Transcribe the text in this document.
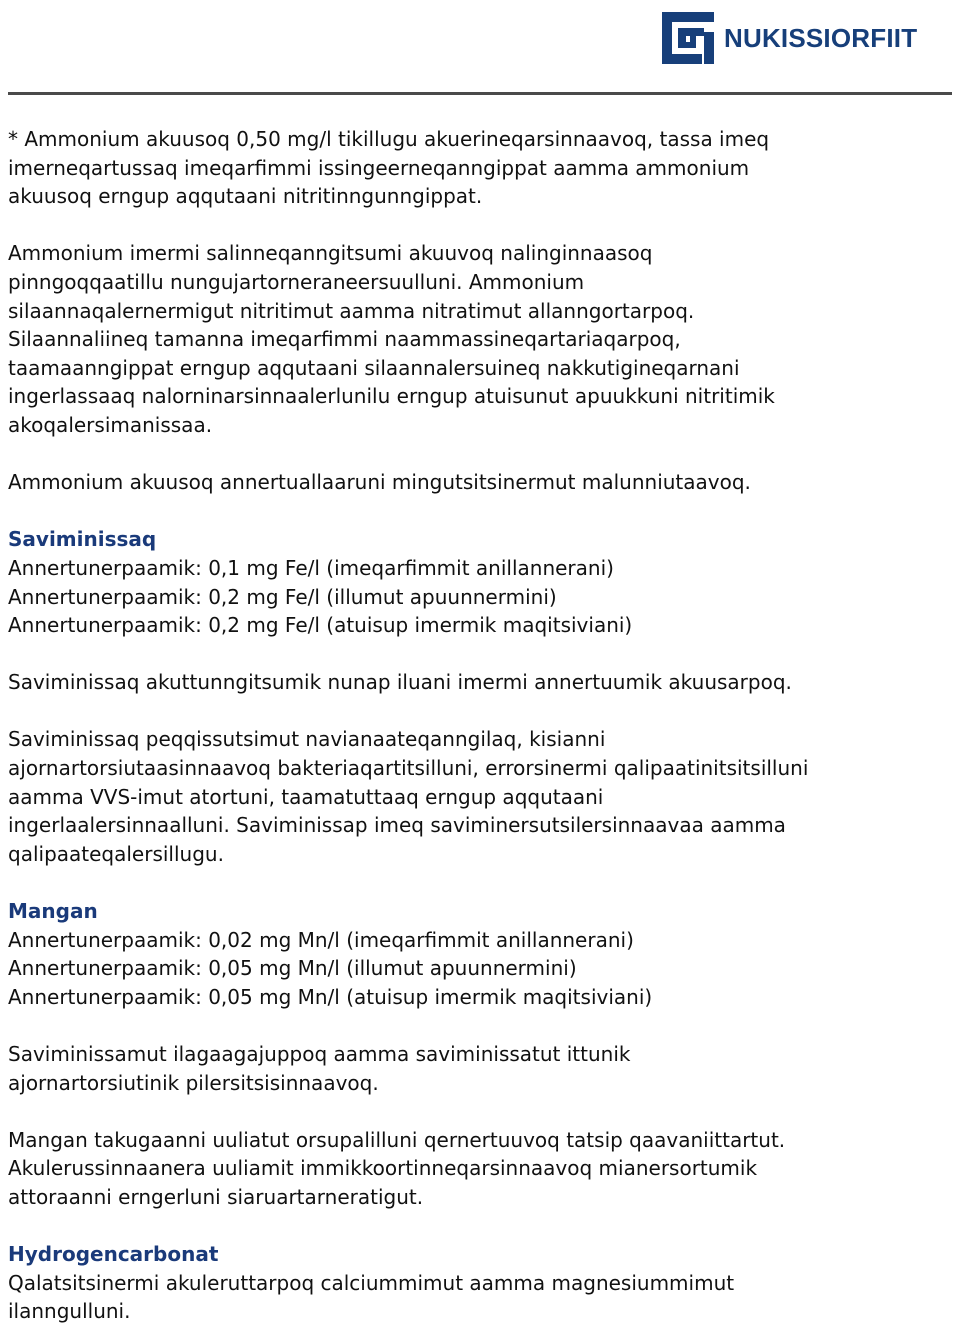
NUKISSIORFIIT

* Ammonium akuusoq 0,50 mg/l tikillugu akuerineqarsinnaavoq, tassa imeq
imerneqartussaq imeqarfimmi issingeerneqanngippat aamma ammonium
akuusoq erngup aqqutaani nitritinngunngippat.

Ammonium imermi salinneqanngitsumi akuuvoq nalinginnaasoq
pinngoqqaatillu nungujartorneraneersuulluni. Ammonium
silaannaqalernermigut nitritimut aamma nitratimut allanngortarpoq.
Silaannaliineq tamanna imeqarfimmi naammassineqartariaqarpoq,
taamaanngippat erngup aqqutaani silaannalersuineq nakkutigineqarnani
ingerlassaaq nalorninarsinnaalerlunilu erngup atuisunut apuukkuni nitritimik
akoqalersimanissaa.

Ammonium akuusoq annertuallaaruni mingutsitsinermut malunniutaavoq.

Saviminissaq

Annertunerpaamik: 0,1 mg Fe/l (imeqarfimmit anillannerani)

Annertunerpaamik: 0,2 mg Fe/l (illumut apuunnermini)

Annertunerpaamik: 0,2 mg Fe/l (atuisup imermik maqitsiviani)

Saviminissaq akuttunngitsumik nunap iluani imermi annertuumik akuusarpoq.

Saviminissaq peqqissutsimut navianaateqanngilaq, kisianni
ajornartorsiutaasinnaavoq bakteriaqartitsilluni, errorsinermi qalipaatinitsitsilluni
aamma VVS-imut atortuni, taamatuttaaq erngup aqqutaani
ingerlaalersinnaalluni. Saviminissap imeq saviminersutsilersinnaavaa aamma
qalipaateqalersillugu.

Mangan

Annertunerpaamik: 0,02 mg Mn/l (imeqarfimmit anillannerani)

Annertunerpaamik: 0,05 mg Mn/l (illumut apuunnermini)

Annertunerpaamik: 0,05 mg Mn/l (atuisup imermik maqitsiviani)

Saviminissamut ilagaagajuppoq aamma saviminissatut ittunik
ajornartorsiutinik pilersitsisinnaavoq.

Mangan takugaanni uuliatut orsupalilluni qernertuuvoq tatsip qaavaniittartut.
Akulerussinnaanera uuliamit immikkoortinneqarsinnaavoq mianersortumik
attoraanni erngerluni siaruartarneratigut.

Hydrogencarbonat

Qalatsitsinermi akuleruttarpoq calciummimut aamma magnesiummimut
ilanngulluni.
